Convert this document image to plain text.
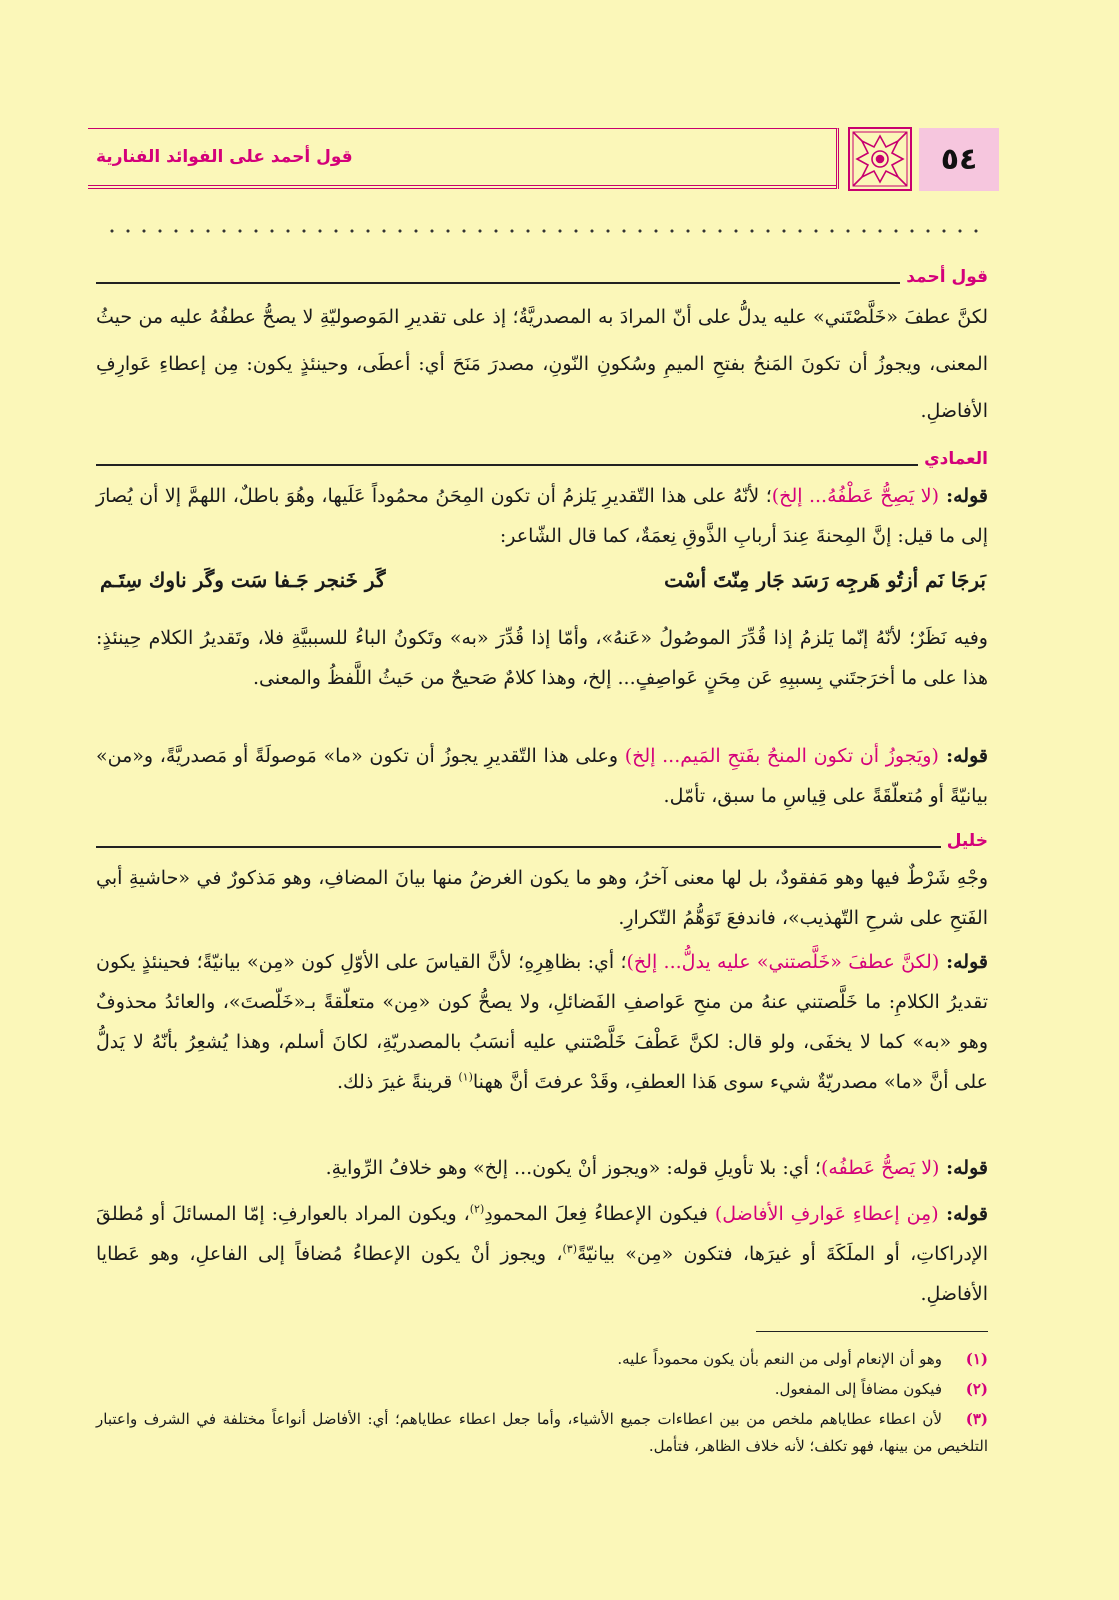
٥٤
قول أحمد على الفوائد الفنارية
قول أحمد
لكنَّ عطفَ «خَلَّصْتَني» عليه يدلُّ على أنّ المرادَ به المصدريَّةُ؛ إذ على تقديرِ المَوصوليّةِ لا يصحُّ عطفُهُ عليه من حيثُ المعنى، ويجوزُ أن تكونَ المَنحُ بفتحِ الميمِ وسُكونِ النّونِ، مصدرَ مَنَحَ أي: أعطَى، وحينئذٍ يكون: مِن إعطاءِ عَوارِفِ الأفاضلِ.
العمادي
قوله: (لا يَصِحُّ عَطْفُهُ... إلخ)؛ لأنّهُ على هذا التّقديرِ يَلزمُ أن تكون المِحَنُ محمُوداً عَلَيها، وهُوَ باطلٌ، اللهمَّ إلا أن يُصارَ إلى ما قيل: إنَّ المِحنةَ عِندَ أربابِ الذَّوقِ نِعمَةٌ، كما قال الشّاعر:
بَرجَا نَم أزتُو هَرجِه رَسَد جَار مِنّتَ أسْت
گَر خَنجر جَـفا سَت وگَر ناوك سِتَـم
وفيه نَظَرٌ؛ لأنّهُ إنّما يَلزمُ إذا قُدِّرَ الموصُولُ «عَنهُ»، وأمّا إذا قُدِّرَ «به» وتَكونُ الباءُ للسببيَّةِ فلا، وتَقديرُ الكلام حِينئذٍ: هذا على ما أخرَجتَني بِسببِهِ عَن مِحَنٍ عَواصِفٍ... إلخ، وهذا كلامٌ صَحيحٌ من حَيثُ اللَّفظُ والمعنى.
قوله: (ويَجوزُ أن تكون المنحُ بفَتحِ المَيم... إلخ) وعلى هذا التّقديرِ يجوزُ أن تكون «ما» مَوصولَةً أو مَصدريَّةً، و«من» بيانيّةً أو مُتعلّقَةً على قِياسِ ما سبق، تأمّل.
خليل
وجْهِ شَرْطٌ فيها وهو مَفقودٌ، بل لها معنى آخرُ، وهو ما يكون الغرضُ منها بيانَ المضافِ، وهو مَذكورٌ في «حاشيةِ أبي الفَتحِ على شرحِ التّهذيب»، فاندفعَ تَوَهُّمُ التّكرارِ.
قوله: (لكنَّ عطفَ «خَلَّصتني» عليه يدلُّ... إلخ)؛ أي: بظاهِرِهِ؛ لأنَّ القياسَ على الأوّلِ كون «مِن» بيانيّةً؛ فحينئذٍ يكون تقديرُ الكلامِ: ما خَلَّصتني عنهُ من منحِ عَواصفِ الفَضائلِ، ولا يصحُّ كون «مِن» متعلّقةً بـ«خَلّصتَ»، والعائدُ محذوفٌ وهو «به» كما لا يخفَى، ولو قال: لكنَّ عَطْفَ خَلَّصْتني عليه أنسَبُ بالمصدريّةِ، لكانَ أسلم، وهذا يُشعِرُ بأنّهُ لا يَدلُّ على أنَّ «ما» مصدريّةٌ شيء سوى هَذا العطفِ، وقَدْ عرفتَ أنَّ ههنا$^{(١)}$ قرينةً غيرَ ذلك.
قوله: (لا يَصحُّ عَطفُه)؛ أي: بلا تأويلِ قوله: «ويجوز أنْ يكون... إلخ» وهو خلافُ الرِّوايةِ.
قوله: (مِن إعطاءِ عَوارفِ الأفاضل) فيكون الإعطاءُ فِعلَ المحمودِ$^{(٢)}$، ويكون المراد بالعوارفِ: إمّا المسائلَ أو مُطلقَ الإدراكاتِ، أو الملَكَةَ أو غيرَها، فتكون «مِن» بيانيّةً$^{(٣)}$، ويجوز أنْ يكون الإعطاءُ مُضافاً إلى الفاعلِ، وهو عَطايا الأفاضلِ.
(١)وهو أن الإنعام أولى من النعم بأن يكون محموداً عليه.
(٢)فيكون مضافاً إلى المفعول.
(٣)لأن اعطاء عطاياهم ملخص من بين اعطاءات جميع الأشياء، وأما جعل اعطاء عطاياهم؛ أي: الأفاضل أنواعاً مختلفة في الشرف واعتبار التلخيص من بينها، فهو تكلف؛ لأنه خلاف الظاهر، فتأمل.
